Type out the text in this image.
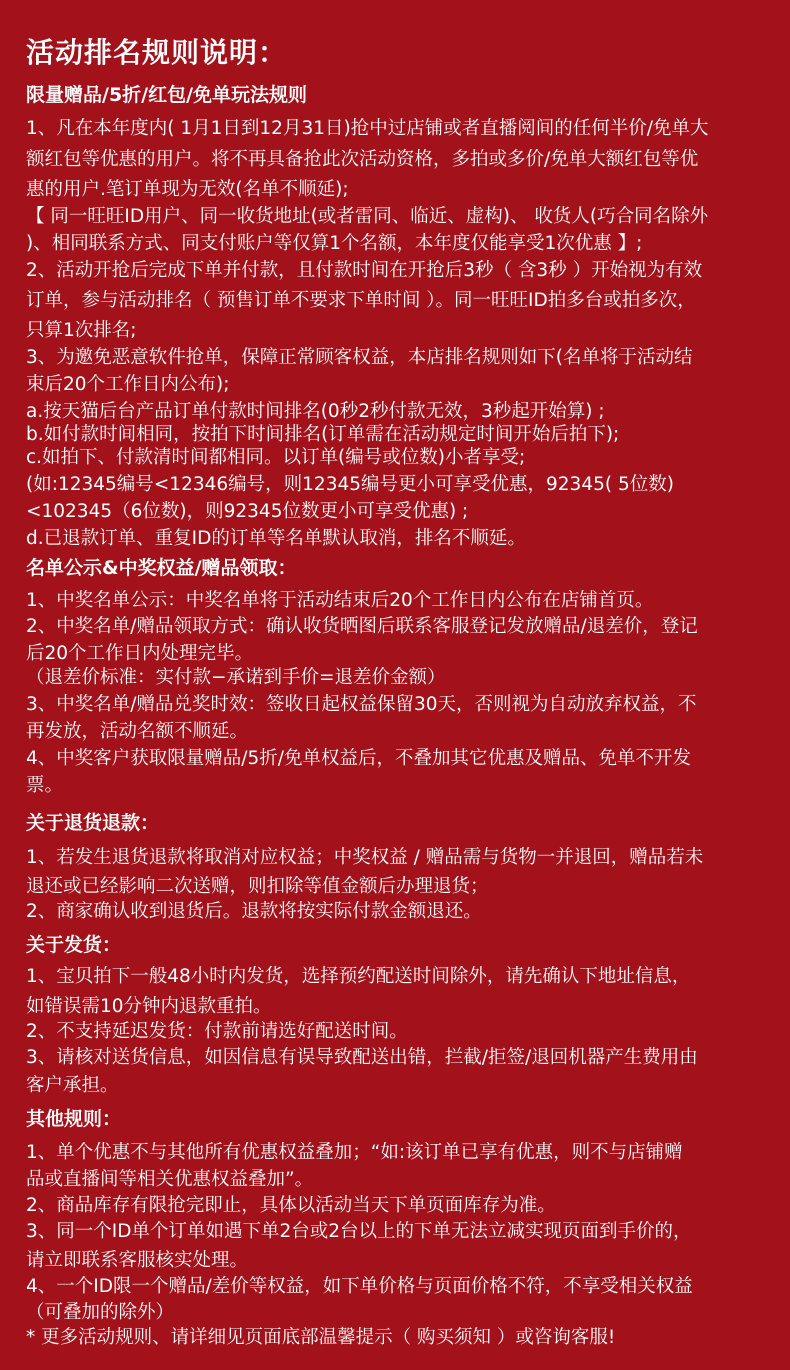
活动排名规则说明：
限量赠品/5折/红包/免单玩法规则
1、凡在本年度内( 1月1日到12月31日)抢中过店铺或者直播阅间的任何半价/免单大
额红包等优惠的用户。将不再具备抢此次活动资格，多拍或多价/免单大额红包等优
惠的用户.笔订单现为无效(名单不顺延);
【 同一旺旺ID用户、同一收货地址(或者雷同、临近、虚构)、 收货人(巧合同名除外
)、相同联系方式、同支付账户等仅算1个名额，本年度仅能享受1次优惠 】;
2、活动开抢后完成下单并付款，且付款时间在开抢后3秒（ 含3秒 ）开始视为有效
订单，参与活动排名（ 预售订单不要求下单时间 ）。同一旺旺ID拍多台或拍多次，
只算1次排名;
3、为邀免恶意软件抢单，保障正常顾客权益，本店排名规则如下(名单将于活动结
束后20个工作日内公布);
a.按天猫后台产品订单付款时间排名(0秒2秒付款无效，3秒起开始算) ;
b.如付款时间相同，按拍下时间排名(订单需在活动规定时间开始后拍下);
c.如拍下、付款清时间都相同。以订单(编号或位数)小者享受;
(如:12345编号<12346编号，则12345编号更小可享受优惠，92345( 5位数)
<102345（6位数)，则92345位数更小可享受优惠) ;
d.已退款订单、重复ID的订单等名单默认取消，排名不顺延。
名单公示&中奖权益/赠品领取：
1、中奖名单公示：中奖名单将于活动结束后20个工作日内公布在店铺首页。
2、中奖名单/赠品领取方式：确认收货晒图后联系客服登记发放赠品/退差价，登记
后20个工作日内处理完毕。
（退差价标准：实付款−承诺到手价=退差价金额）
3、中奖名单/赠品兑奖时效：签收日起权益保留30天，否则视为自动放弃权益，不
再发放，活动名额不顺延。
4、中奖客户获取限量赠品/5折/免单权益后，不叠加其它优惠及赠品、免单不开发
票。
关于退货退款：
1、若发生退货退款将取消对应权益；中奖权益 / 赠品需与货物一并退回，赠品若未
退还或已经影响二次送赠，则扣除等值金额后办理退货；
2、商家确认收到退货后。退款将按实际付款金额退还。
关于发货：
1、宝贝拍下一般48小时内发货，选择预约配送时间除外，请先确认下地址信息，
如错误需10分钟内退款重拍。
2、不支持延迟发货：付款前请选好配送时间。
3、请核对送货信息，如因信息有误导致配送出错，拦截/拒签/退回机器产生费用由
客户承担。
其他规则：
1、单个优惠不与其他所有优惠权益叠加；“如:该订单已享有优惠，则不与店铺赠
品或直播间等相关优惠权益叠加”。
2、商品库存有限抢完即止，具体以活动当天下单页面库存为准。
3、同一个ID单个订单如遇下单2台或2台以上的下单无法立减实现页面到手价的，
请立即联系客服核实处理。
4、一个ID限一个赠品/差价等权益，如下单价格与页面价格不符，不享受相关权益
（可叠加的除外）
* 更多活动规则、请详细见页面底部温馨提示（ 购买须知 ）或咨询客服!
